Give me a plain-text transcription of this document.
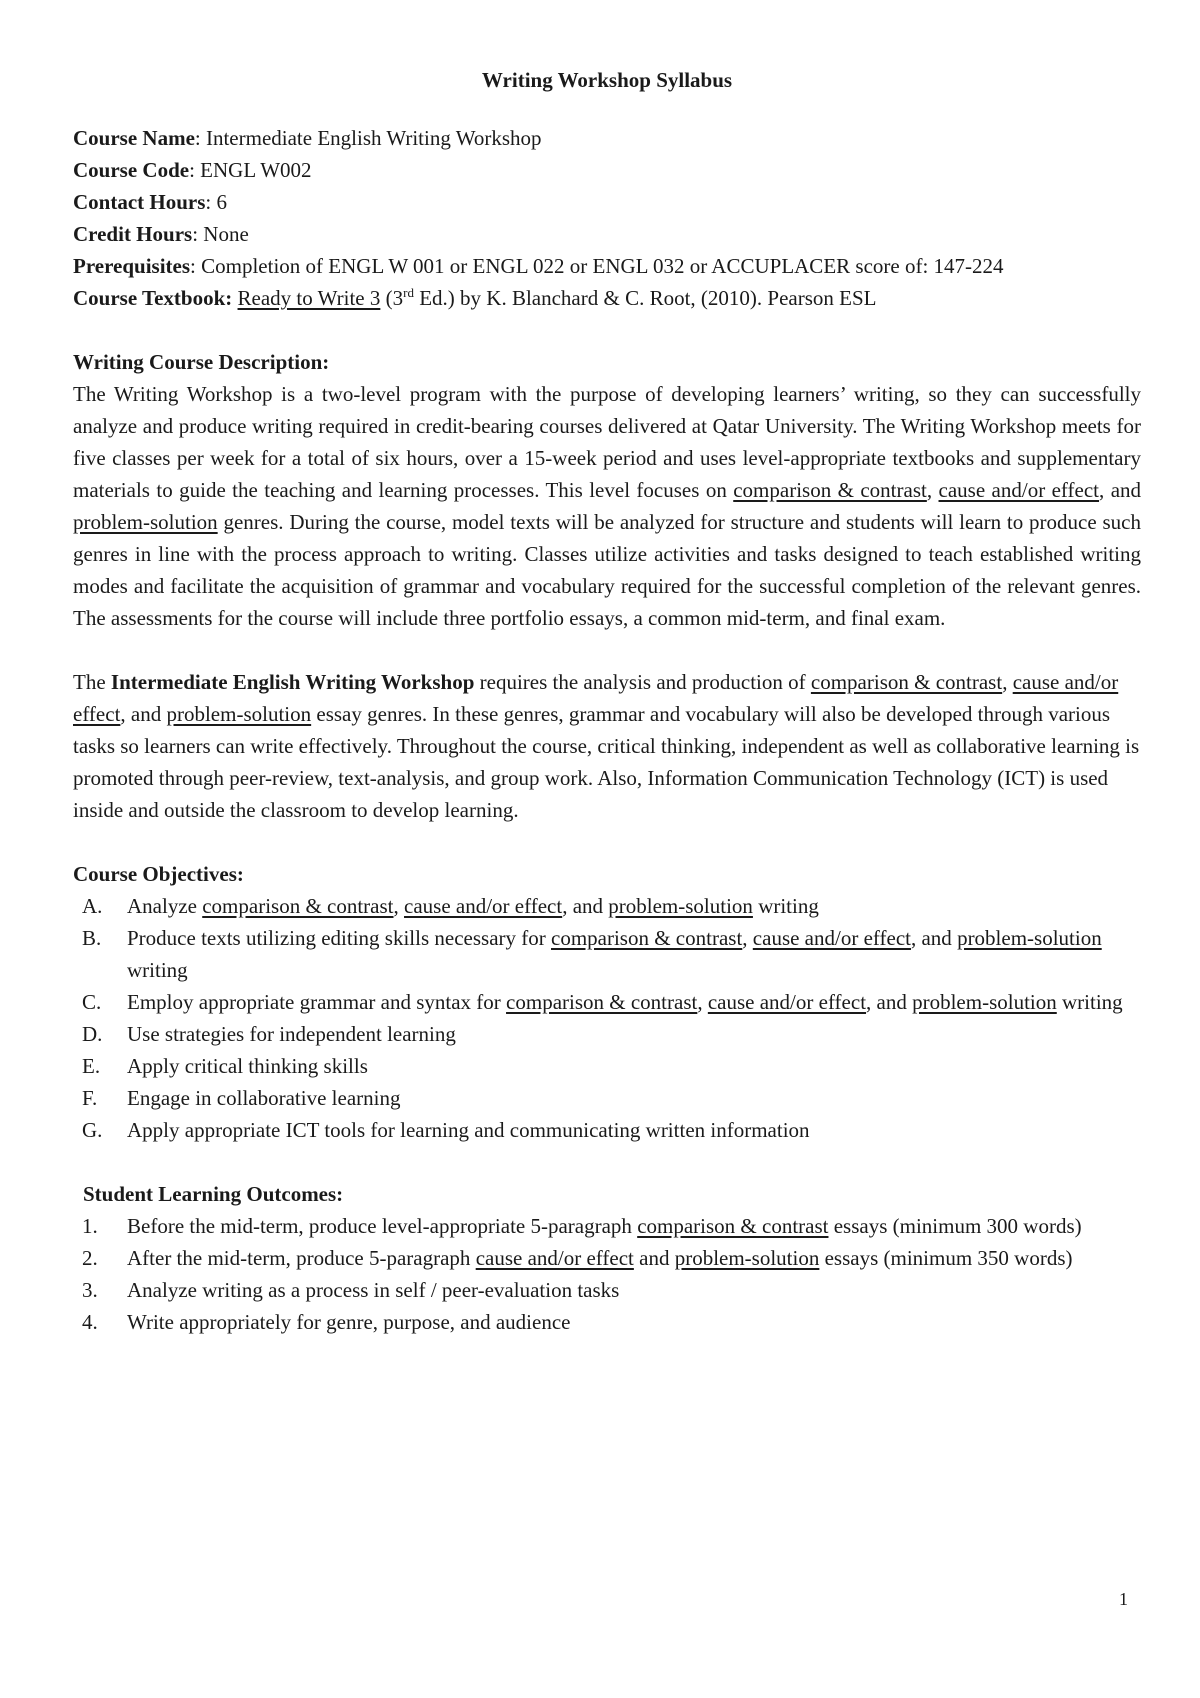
Writing Workshop Syllabus

Course Name: Intermediate English Writing Workshop

Course Code: ENGL W002

Contact Hours: 6

Credit Hours: None

Prerequisites: Completion of ENGL W 001 or ENGL 022 or ENGL 032 or ACCUPLACER score of: 147-224

Course Textbook: Ready to Write 3 (3rd Ed.) by K. Blanchard & C. Root, (2010). Pearson ESL

Writing Course Description:

The Writing Workshop is a two-level program with the purpose of developing learners’ writing, so they can successfully analyze and produce writing required in credit-bearing courses delivered at Qatar University. The Writing Workshop meets for five classes per week for a total of six hours, over a 15-week period and uses level-appropriate textbooks and supplementary materials to guide the teaching and learning processes. This level focuses on comparison & contrast, cause and/or effect, and problem-solution genres. During the course, model texts will be analyzed for structure and students will learn to produce such genres in line with the process approach to writing. Classes utilize activities and tasks designed to teach established writing modes and facilitate the acquisition of grammar and vocabulary required for the successful completion of the relevant genres. The assessments for the course will include three portfolio essays, a common mid-term, and final exam.

The Intermediate English Writing Workshop requires the analysis and production of comparison & contrast, cause and/or effect, and problem-solution essay genres. In these genres, grammar and vocabulary will also be developed through various tasks so learners can write effectively. Throughout the course, critical thinking, independent as well as collaborative learning is promoted through peer-review, text-analysis, and group work. Also, Information Communication Technology (ICT) is used inside and outside the classroom to develop learning.

Course Objectives:
A. Analyze comparison & contrast, cause and/or effect, and problem-solution writing
B. Produce texts utilizing editing skills necessary for comparison & contrast, cause and/or effect, and problem-solution writing
C. Employ appropriate grammar and syntax for comparison & contrast, cause and/or effect, and problem-solution writing
D. Use strategies for independent learning
E. Apply critical thinking skills
F. Engage in collaborative learning
G. Apply appropriate ICT tools for learning and communicating written information
Student Learning Outcomes:
1. Before the mid-term, produce level-appropriate 5-paragraph comparison & contrast essays (minimum 300 words)
2. After the mid-term, produce 5-paragraph cause and/or effect and problem-solution essays (minimum 350 words)
3. Analyze writing as a process in self / peer-evaluation tasks
4. Write appropriately for genre, purpose, and audience
1
